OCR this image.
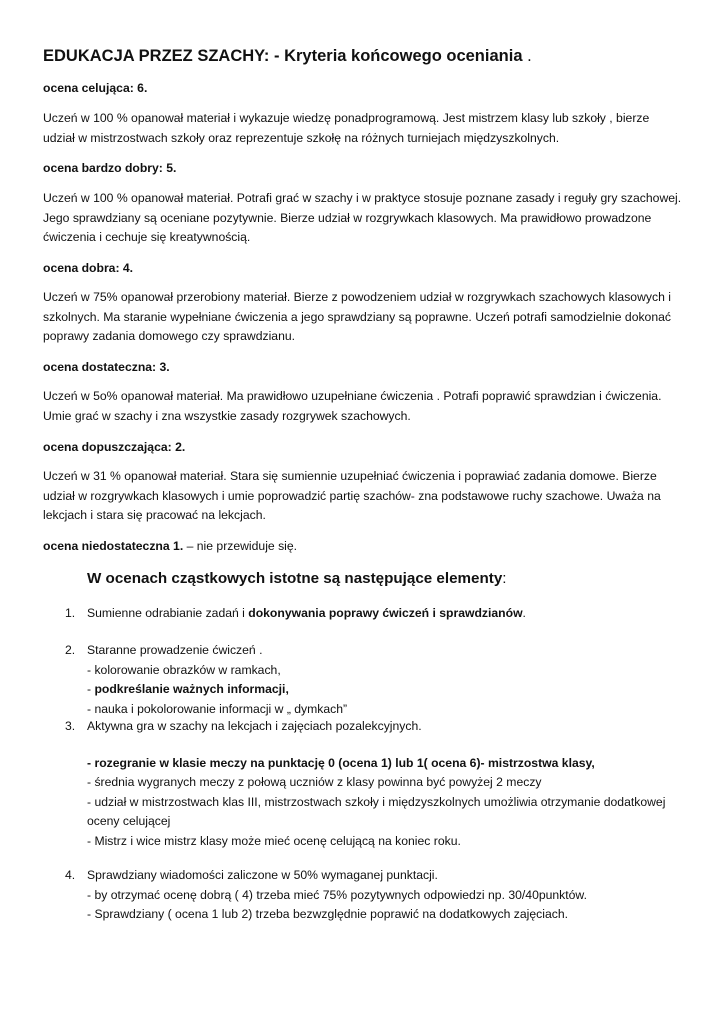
EDUKACJA PRZEZ SZACHY: - Kryteria końcowego oceniania .
ocena celująca: 6.
Uczeń w 100 % opanował materiał i wykazuje wiedzę ponadprogramową. Jest mistrzem klasy lub szkoły , bierze
udział w mistrzostwach szkoły oraz reprezentuje szkołę na różnych turniejach międzyszkolnych.
ocena bardzo dobry: 5.
Uczeń w 100 % opanował materiał. Potrafi grać w szachy i w praktyce stosuje poznane zasady i reguły gry szachowej.
Jego sprawdziany są oceniane pozytywnie. Bierze udział w rozgrywkach klasowych. Ma prawidłowo prowadzone
ćwiczenia i cechuje się kreatywnością.
ocena dobra: 4.
Uczeń w 75% opanował przerobiony materiał. Bierze z powodzeniem udział w rozgrywkach szachowych klasowych i
szkolnych. Ma staranie wypełniane ćwiczenia a jego sprawdziany są poprawne. Uczeń potrafi samodzielnie dokonać
poprawy zadania domowego czy sprawdzianu.
ocena dostateczna: 3.
Uczeń w 5o% opanował materiał. Ma prawidłowo uzupełniane ćwiczenia . Potrafi poprawić sprawdzian i ćwiczenia.
Umie grać w szachy i zna wszystkie zasady rozgrywek szachowych.
ocena dopuszczająca: 2.
Uczeń w 31 % opanował materiał. Stara się sumiennie uzupełniać ćwiczenia i poprawiać zadania domowe. Bierze
udział w rozgrywkach klasowych i umie poprowadzić partię szachów- zna podstawowe ruchy szachowe. Uważa na
lekcjach i stara się pracować na lekcjach.
ocena niedostateczna 1. – nie przewiduje się.
W ocenach cząstkowych istotne są następujące elementy:
1. Sumienne odrabianie zadań i dokonywania poprawy ćwiczeń i sprawdzianów.
2. Staranne prowadzenie ćwiczeń .
- kolorowanie obrazków w ramkach,
- podkreślanie ważnych informacji,
- nauka i pokolorowanie informacji w „ dymkach”
3. Aktywna gra w szachy na lekcjach i zajęciach pozalekcyjnych.
- rozegranie w klasie meczy na punktację 0 (ocena 1) lub 1( ocena 6)- mistrzostwa klasy,
- średnia wygranych meczy z połową uczniów z klasy powinna być powyżej 2 meczy
- udział w mistrzostwach klas III, mistrzostwach szkoły i międzyszkolnych umożliwia otrzymanie dodatkowej
oceny celującej
- Mistrz i wice mistrz klasy może mieć ocenę celującą na koniec roku.
4. Sprawdziany wiadomości zaliczone w 50% wymaganej punktacji.
- by otrzymać ocenę dobrą ( 4) trzeba mieć 75% pozytywnych odpowiedzi np. 30/40punktów.
- Sprawdziany ( ocena 1 lub 2) trzeba bezwzględnie poprawić na dodatkowych zajęciach.
